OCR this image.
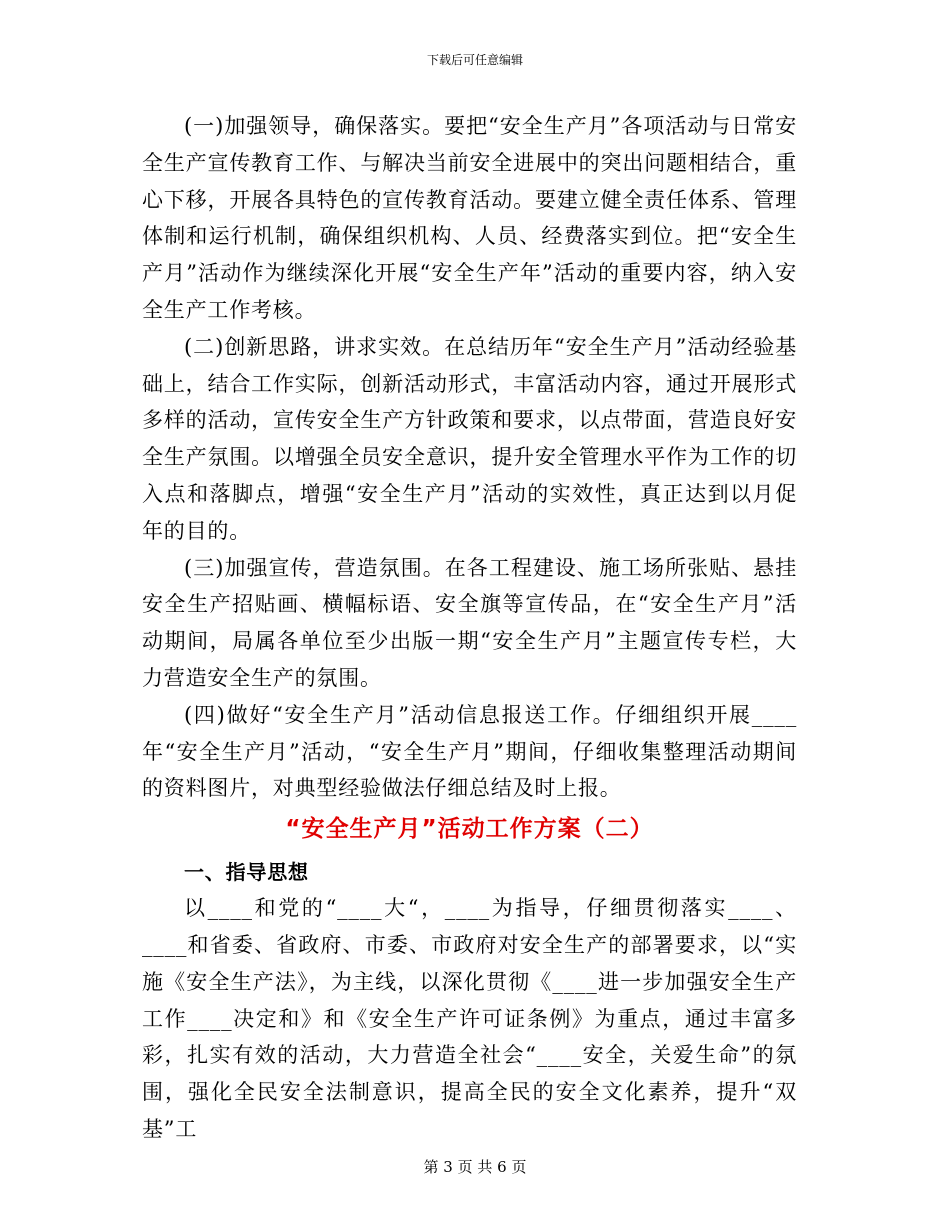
下载后可任意编辑

(一)加强领导，确保落实。要把“安全生产月”各项活动与日常安全生产宣传教育工作、与解决当前安全进展中的突出问题相结合，重心下移，开展各具特色的宣传教育活动。要建立健全责任体系、管理体制和运行机制，确保组织机构、人员、经费落实到位。把“安全生产月”活动作为继续深化开展“安全生产年”活动的重要内容，纳入安全生产工作考核。

(二)创新思路，讲求实效。在总结历年“安全生产月”活动经验基础上，结合工作实际，创新活动形式，丰富活动内容，通过开展形式多样的活动，宣传安全生产方针政策和要求，以点带面，营造良好安全生产氛围。以增强全员安全意识，提升安全管理水平作为工作的切入点和落脚点，增强“安全生产月”活动的实效性，真正达到以月促年的目的。

(三)加强宣传，营造氛围。在各工程建设、施工场所张贴、悬挂安全生产招贴画、横幅标语、安全旗等宣传品，在“安全生产月”活动期间，局属各单位至少出版一期“安全生产月”主题宣传专栏，大力营造安全生产的氛围。

(四)做好“安全生产月”活动信息报送工作。仔细组织开展____年“安全生产月”活动，“安全生产月”期间，仔细收集整理活动期间的资料图片，对典型经验做法仔细总结及时上报。

“安全生产月”活动工作方案（二）
一、指导思想

以____和党的“____大“，____为指导，仔细贯彻落实____、____和省委、省政府、市委、市政府对安全生产的部署要求，以“实施《安全生产法》，为主线，以深化贯彻《____进一步加强安全生产工作____决定和》和《安全生产许可证条例》为重点，通过丰富多彩，扎实有效的活动，大力营造全社会“____安全，关爱生命”的氛围，强化全民安全法制意识，提高全民的安全文化素养，提升“双基”工

第 3 页 共 6 页
